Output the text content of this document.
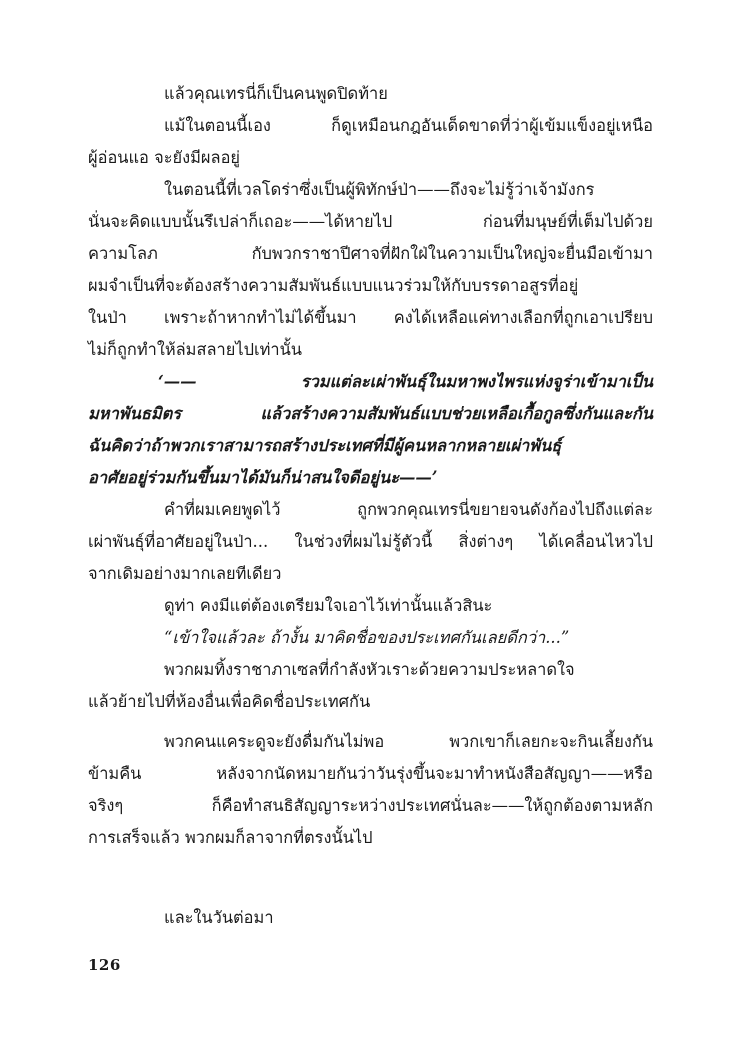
แล้วคุณเทรนี่ก็เป็นคนพูดปิดท้าย
แม้ในตอนนี้เอง ก็ดูเหมือนกฎอันเด็ดขาดที่ว่าผู้เข้มแข็งอยู่เหนือ
ผู้อ่อนแอ จะยังมีผลอยู่
ในตอนนี้ที่เวลโดร่าซึ่งเป็นผู้พิทักษ์ป่า——ถึงจะไม่รู้ว่าเจ้ามังกร
นั่นจะคิดแบบนั้นรึเปล่าก็เถอะ——ได้หายไป ก่อนที่มนุษย์ที่เต็มไปด้วย
ความโลภ กับพวกราชาปีศาจที่ฝักใฝ่ในความเป็นใหญ่จะยื่นมือเข้ามา
ผมจำเป็นที่จะต้องสร้างความสัมพันธ์แบบแนวร่วมให้กับบรรดาอสูรที่อยู่
ในป่า เพราะถ้าหากทำไม่ได้ขึ้นมา คงได้เหลือแค่ทางเลือกที่ถูกเอาเปรียบ
ไม่ก็ถูกทำให้ล่มสลายไปเท่านั้น
‘—— รวมแต่ละเผ่าพันธุ์ในมหาพงไพรแห่งจูร่าเข้ามาเป็น
มหาพันธมิตร แล้วสร้างความสัมพันธ์แบบช่วยเหลือเกื้อกูลซึ่งกันและกัน
ฉันคิดว่าถ้าพวกเราสามารถสร้างประเทศที่มีผู้คนหลากหลายเผ่าพันธุ์
อาศัยอยู่ร่วมกันขึ้นมาได้มันก็น่าสนใจดีอยู่นะ——’
คำที่ผมเคยพูดไว้ ถูกพวกคุณเทรนี่ขยายจนดังก้องไปถึงแต่ละ
เผ่าพันธุ์ที่อาศัยอยู่ในป่า... ในช่วงที่ผมไม่รู้ตัวนี้ สิ่งต่างๆ ได้เคลื่อนไหวไป
จากเดิมอย่างมากเลยทีเดียว
ดูท่า คงมีแต่ต้องเตรียมใจเอาไว้เท่านั้นแล้วสินะ
“เข้าใจแล้วละ ถ้างั้น มาคิดชื่อของประเทศกันเลยดีกว่า...”
พวกผมทิ้งราชาภาเซลที่กำลังหัวเราะด้วยความประหลาดใจ
แล้วย้ายไปที่ห้องอื่นเพื่อคิดชื่อประเทศกัน
พวกคนแคระดูจะยังดื่มกันไม่พอ พวกเขาก็เลยกะจะกินเลี้ยงกัน
ข้ามคืน หลังจากนัดหมายกันว่าวันรุ่งขึ้นจะมาทำหนังสือสัญญา——หรือ
จริงๆ ก็คือทำสนธิสัญญาระหว่างประเทศนั่นละ——ให้ถูกต้องตามหลัก
การเสร็จแล้ว พวกผมก็ลาจากที่ตรงนั้นไป
และในวันต่อมา
126
